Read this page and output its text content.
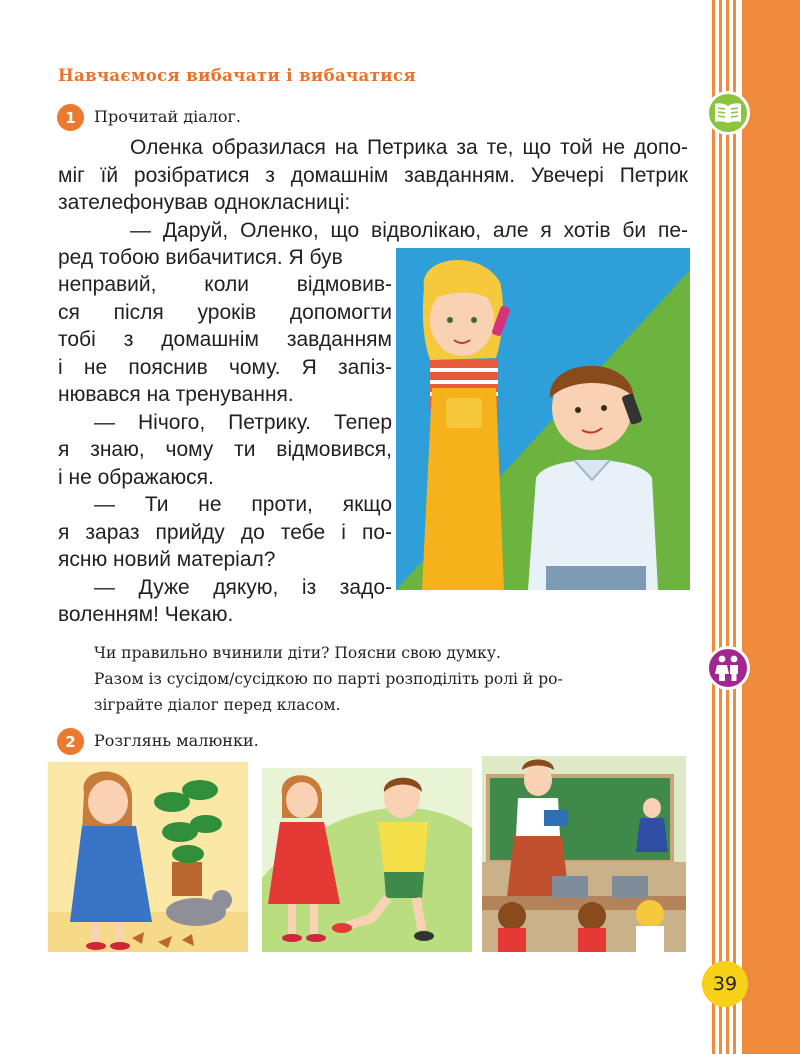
39
Навчаємося вибачати і вибачатися
1	Прочитай діалог.

Оленка образилася на Петрика за те, що той не допо-

міг їй розібратися з домашнім завданням. Увечері Петрик

зателефонував однокласниці:

— Даруй, Оленко, що відволікаю, але я хотів би пе-

ред тобою вибачитися. Я був

неправий, коли відмовив-

ся після уроків допомогти

тобі з домашнім завданням

і не пояснив чому. Я запіз-

нювався на тренування.

— Нічого, Петрику. Тепер

я знаю, чому ти відмовився,

і не ображаюся.

— Ти не проти, якщо

я зараз прийду до тебе і по-

ясню новий матеріал?

— Дуже дякую, із задо-

воленням! Чекаю.

Чи правильно вчинили діти? Поясни свою думку.

Разом із сусідом/сусідкою по парті розподіліть ролі й ро-

зіграйте діалог перед класом.

2	Розглянь малюнки.
